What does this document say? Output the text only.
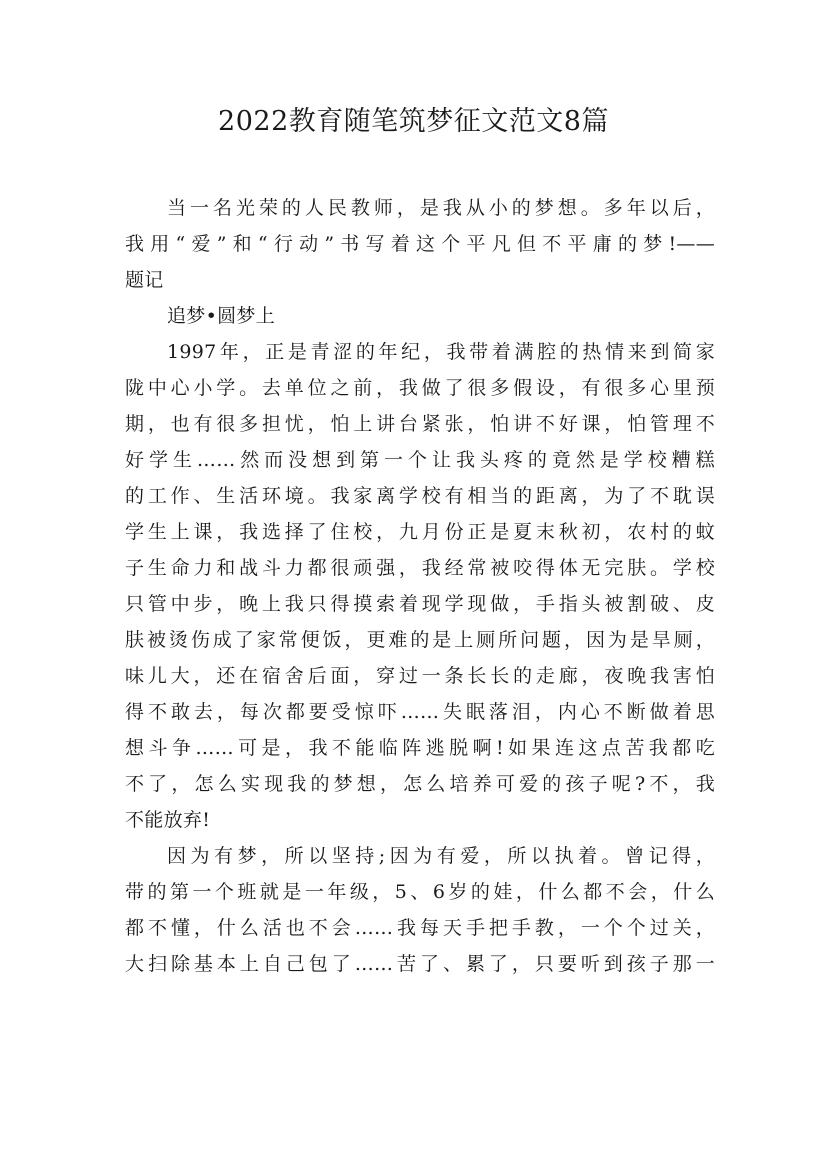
2022教育随笔筑梦征文范文8篇
当一名光荣的人民教师，是我从小的梦想。多年以后，
我用“爱”和“行动”书写着这个平凡但不平庸的梦!——
题记
追梦•圆梦上
1997年，正是青涩的年纪，我带着满腔的热情来到简家
陇中心小学。去单位之前，我做了很多假设，有很多心里预
期，也有很多担忧，怕上讲台紧张，怕讲不好课，怕管理不
好学生……然而没想到第一个让我头疼的竟然是学校糟糕
的工作、生活环境。我家离学校有相当的距离，为了不耽误
学生上课，我选择了住校，九月份正是夏末秋初，农村的蚊
子生命力和战斗力都很顽强，我经常被咬得体无完肤。学校
只管中步，晚上我只得摸索着现学现做，手指头被割破、皮
肤被烫伤成了家常便饭，更难的是上厕所问题，因为是旱厕，
味儿大，还在宿舍后面，穿过一条长长的走廊，夜晚我害怕
得不敢去，每次都要受惊吓……失眠落泪，内心不断做着思
想斗争……可是，我不能临阵逃脱啊!如果连这点苦我都吃
不了，怎么实现我的梦想，怎么培养可爱的孩子呢?不，我
不能放弃!
因为有梦，所以坚持;因为有爱，所以执着。曾记得，
带的第一个班就是一年级，5、6岁的娃，什么都不会，什么
都不懂，什么活也不会……我每天手把手教，一个个过关，
大扫除基本上自己包了……苦了、累了，只要听到孩子那一
